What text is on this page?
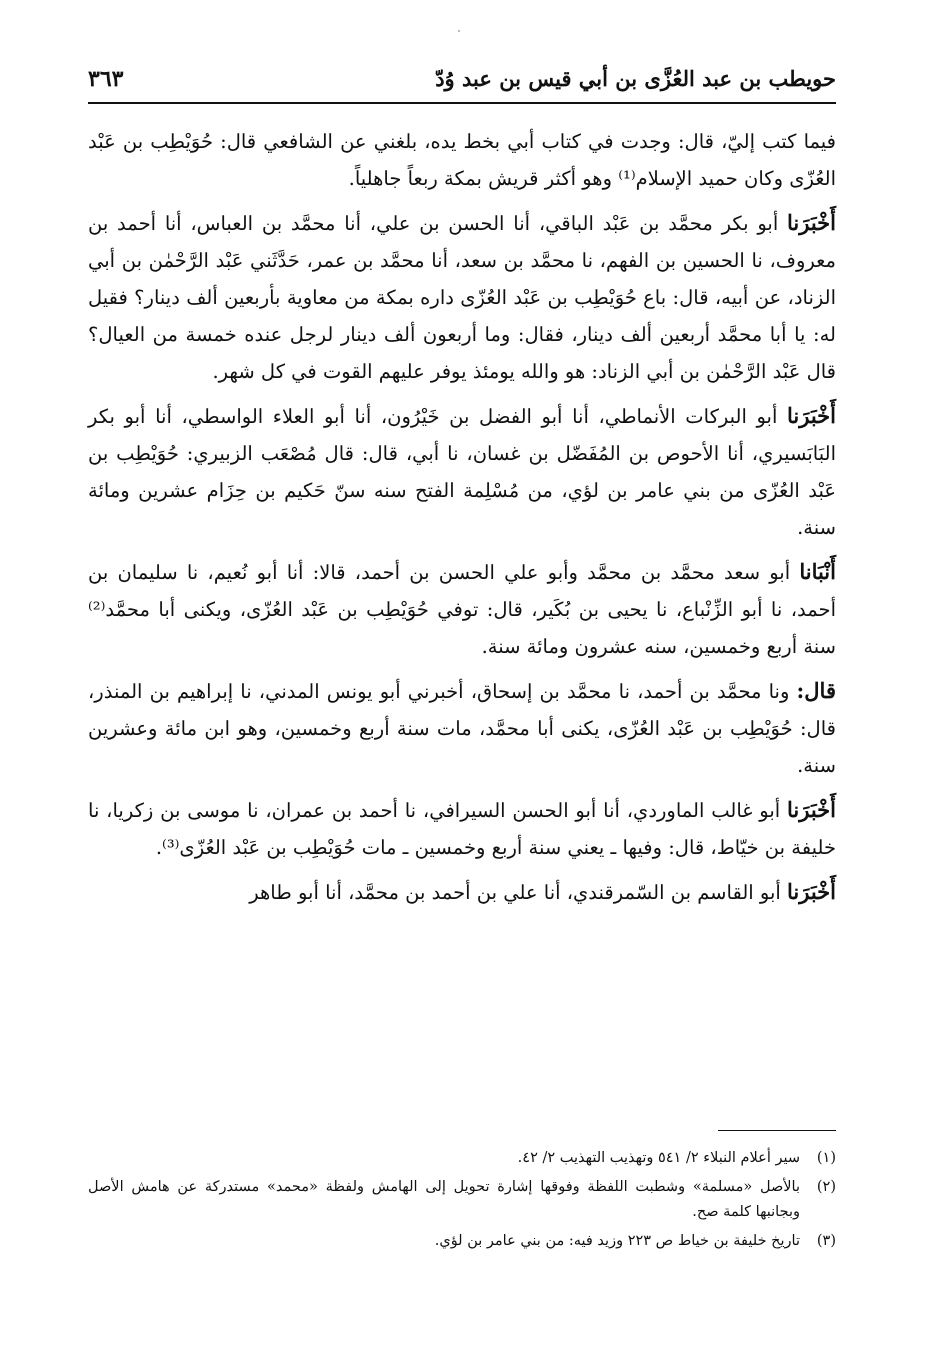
حويطب بن عبد العُزَّى بن أبي قيس بن عبد وُدّ
٣٦٣

فيما كتب إليّ، قال: وجدت في كتاب أبي بخط يده، بلغني عن الشافعي قال: حُوَيْطِب بن عَبْد العُزّى وكان حميد الإسلام⁽¹⁾ وهو أكثر قريش بمكة ربعاً جاهلياً.

أَخْبَرَنا أبو بكر محمَّد بن عَبْد الباقي، أنا الحسن بن علي، أنا محمَّد بن العباس، أنا أحمد بن معروف، نا الحسين بن الفهم، نا محمَّد بن سعد، أنا محمَّد بن عمر، حَدَّثَني عَبْد الرَّحْمٰن بن أبي الزناد، عن أبيه، قال: باع حُوَيْطِب بن عَبْد العُزّى داره بمكة من معاوية بأربعين ألف دينار؟ فقيل له: يا أبا محمَّد أربعين ألف دينار، فقال: وما أربعون ألف دينار لرجل عنده خمسة من العيال؟ قال عَبْد الرَّحْمٰن بن أبي الزناد: هو والله يومئذ يوفر عليهم القوت في كل شهر.

أَخْبَرَنا أبو البركات الأنماطي، أنا أبو الفضل بن خَيْرُون، أنا أبو العلاء الواسطي، أنا أبو بكر البَابَسيري، أنا الأحوص بن المُفَضّل بن غسان، نا أبي، قال: قال مُصْعَب الزبيري: حُوَيْطِب بن عَبْد العُزّى من بني عامر بن لؤي، من مُسْلِمة الفتح سنه سنّ حَكيم بن حِزَام عشرين ومائة سنة.

أَنْبَانا أبو سعد محمَّد بن محمَّد وأبو علي الحسن بن أحمد، قالا: أنا أبو نُعيم، نا سليمان بن أحمد، نا أبو الزِّنْباع، نا يحيى بن بُكَير، قال: توفي حُوَيْطِب بن عَبْد العُزّى، ويكنى أبا محمَّد⁽²⁾ سنة أربع وخمسين، سنه عشرون ومائة سنة.

قال: ونا محمَّد بن أحمد، نا محمَّد بن إسحاق، أخبرني أبو يونس المدني، نا إبراهيم بن المنذر، قال: حُوَيْطِب بن عَبْد العُزّى، يكنى أبا محمَّد، مات سنة أربع وخمسين، وهو ابن مائة وعشرين سنة.

أَخْبَرَنا أبو غالب الماوردي، أنا أبو الحسن السيرافي، نا أحمد بن عمران، نا موسى بن زكريا، نا خليفة بن خيّاط، قال: وفيها ـ يعني سنة أربع وخمسين ـ مات حُوَيْطِب بن عَبْد العُزّى⁽³⁾.

أَخْبَرَنا أبو القاسم بن السّمرقندي، أنا علي بن أحمد بن محمَّد، أنا أبو طاهر

(١)
سير أعلام النبلاء ٢/ ٥٤١ وتهذيب التهذيب ٢/ ٤٢.
(٢)
بالأصل «مسلمة» وشطبت اللفظة وفوقها إشارة تحويل إلى الهامش ولفظة «محمد» مستدركة عن هامش الأصل وبجانبها كلمة صح.
(٣)
تاريخ خليفة بن خياط ص ٢٢٣ وزيد فيه: من بني عامر بن لؤي.
